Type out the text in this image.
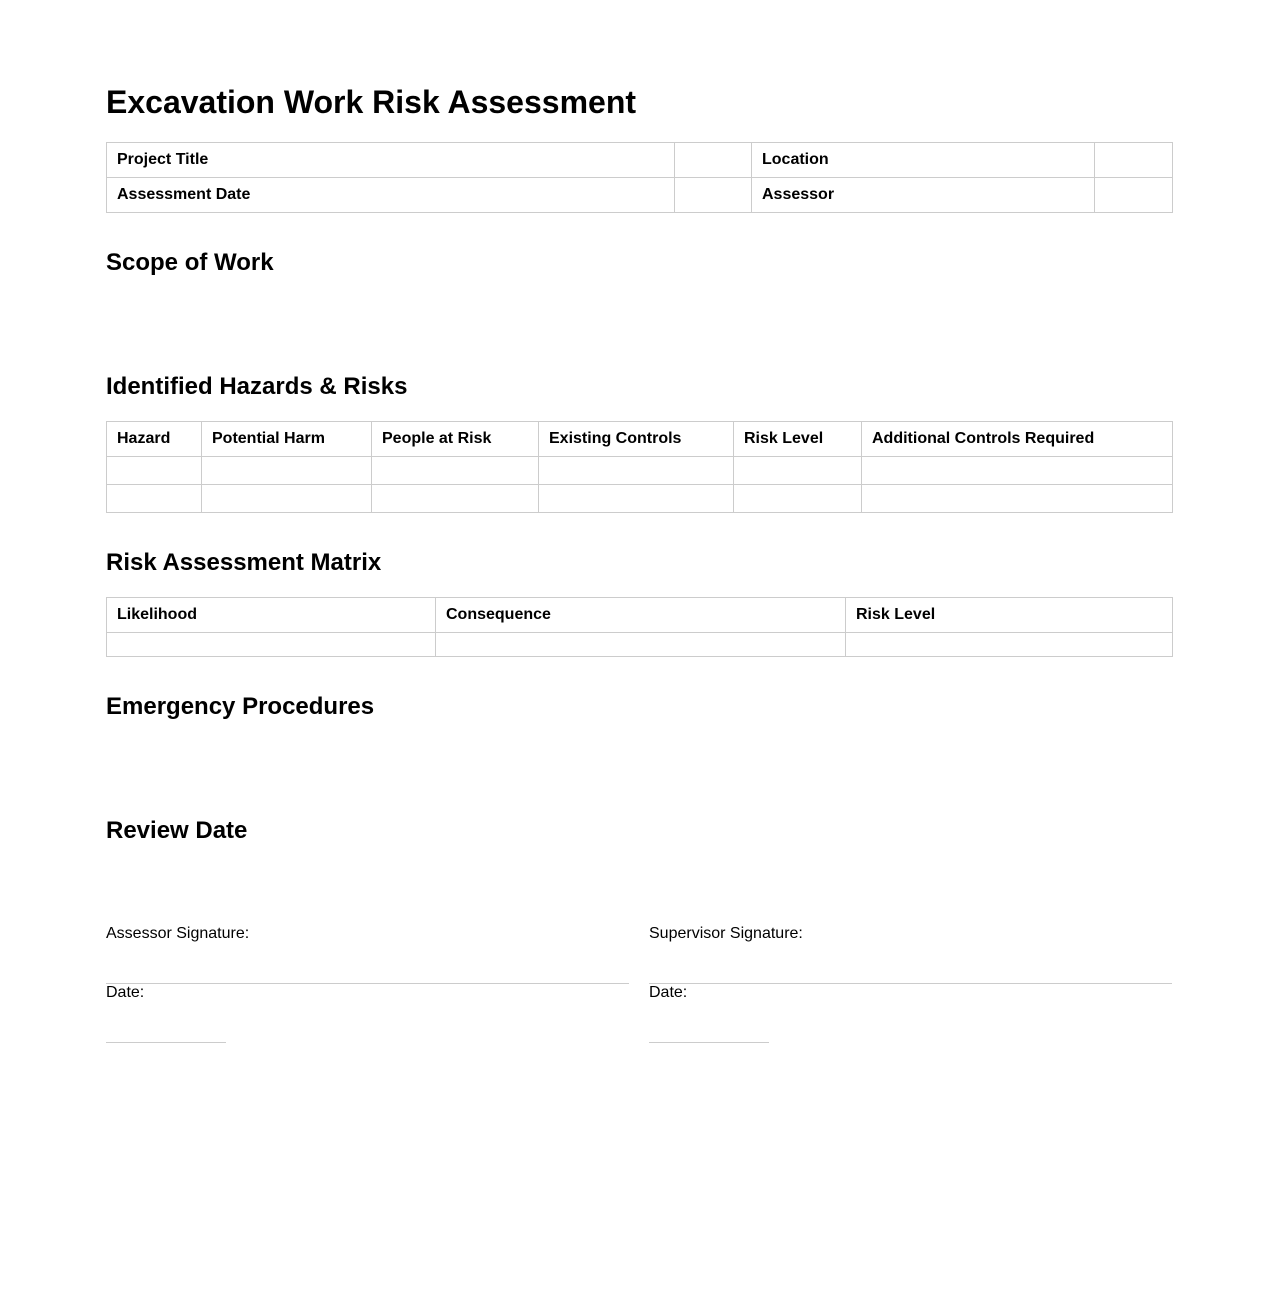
Excavation Work Risk Assessment
Project Title		Location	
Assessment Date		Assessor	
Scope of Work
Identified Hazards & Risks
Hazard	Potential Harm	People at Risk	Existing Controls	Risk Level	Additional Controls Required

Risk Assessment Matrix
Likelihood	Consequence	Risk Level

Emergency Procedures
Review Date
Assessor Signature:
Date:
Supervisor Signature:
Date:
